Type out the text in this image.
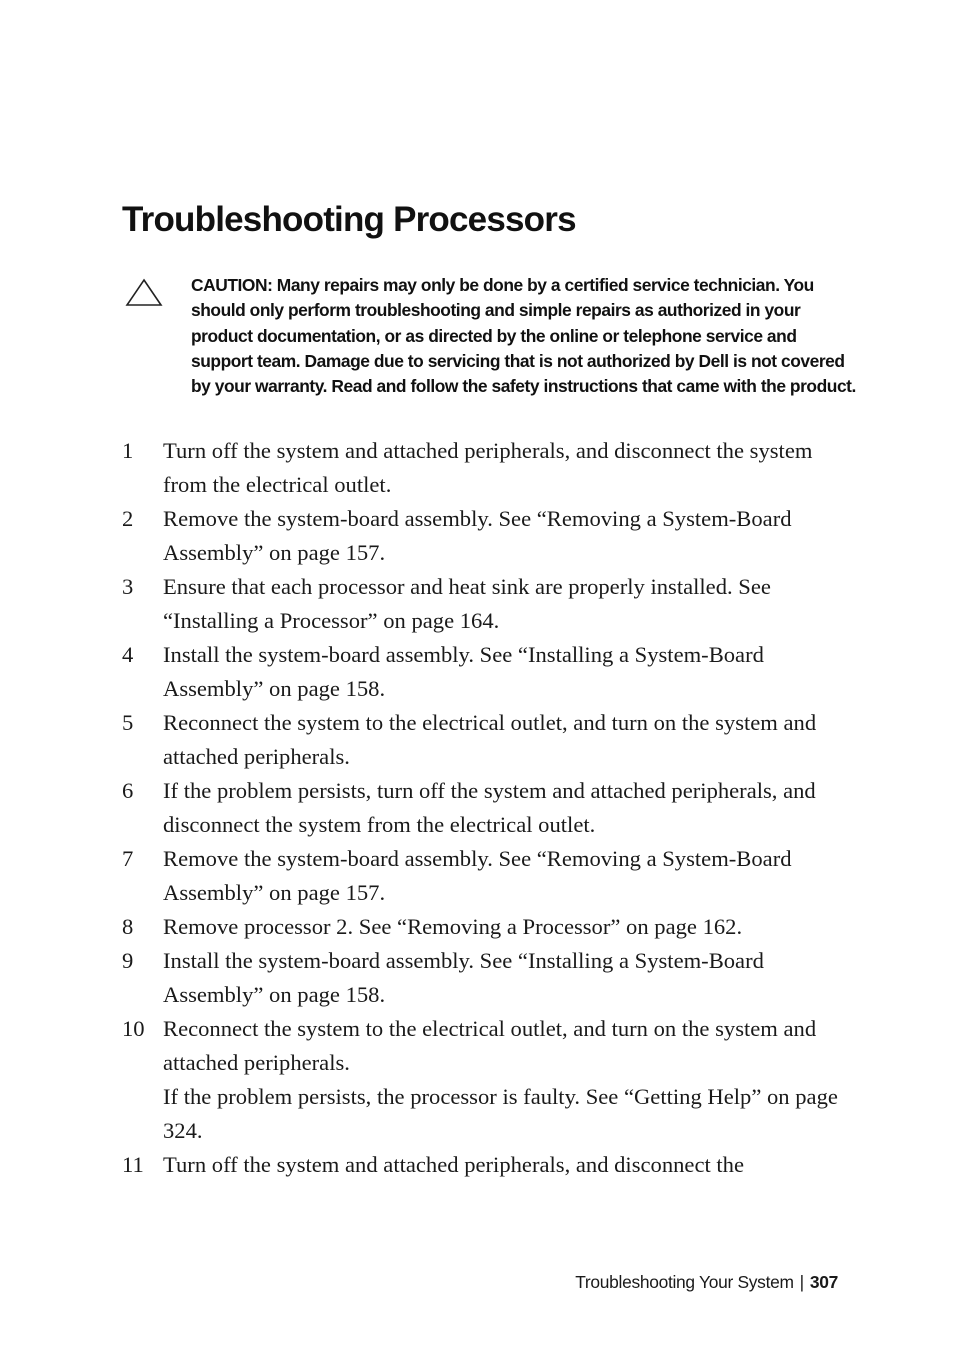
Troubleshooting Processors
CAUTION: Many repairs may only be done by a certified service technician. You should only perform troubleshooting and simple repairs as authorized in your product documentation, or as directed by the online or telephone service and support team. Damage due to servicing that is not authorized by Dell is not covered by your warranty. Read and follow the safety instructions that came with the product.
1	Turn off the system and attached peripherals, and disconnect the system from the electrical outlet.
2	Remove the system-board assembly. See “Removing a System-Board Assembly” on page 157.
3	Ensure that each processor and heat sink are properly installed. See “Installing a Processor” on page 164.
4	Install the system-board assembly. See “Installing a System-Board Assembly” on page 158.
5	Reconnect the system to the electrical outlet, and turn on the system and attached peripherals.
6	If the problem persists, turn off the system and attached peripherals, and disconnect the system from the electrical outlet.
7	Remove the system-board assembly. See “Removing a System-Board Assembly” on page 157.
8	Remove processor 2. See “Removing a Processor” on page 162.
9	Install the system-board assembly. See “Installing a System-Board Assembly” on page 158.
10 Reconnect the system to the electrical outlet, and turn on the system and attached peripherals.
If the problem persists, the processor is faulty. See “Getting Help” on page 324.
11 Turn off the system and attached peripherals, and disconnect the
Troubleshooting Your System | 307
